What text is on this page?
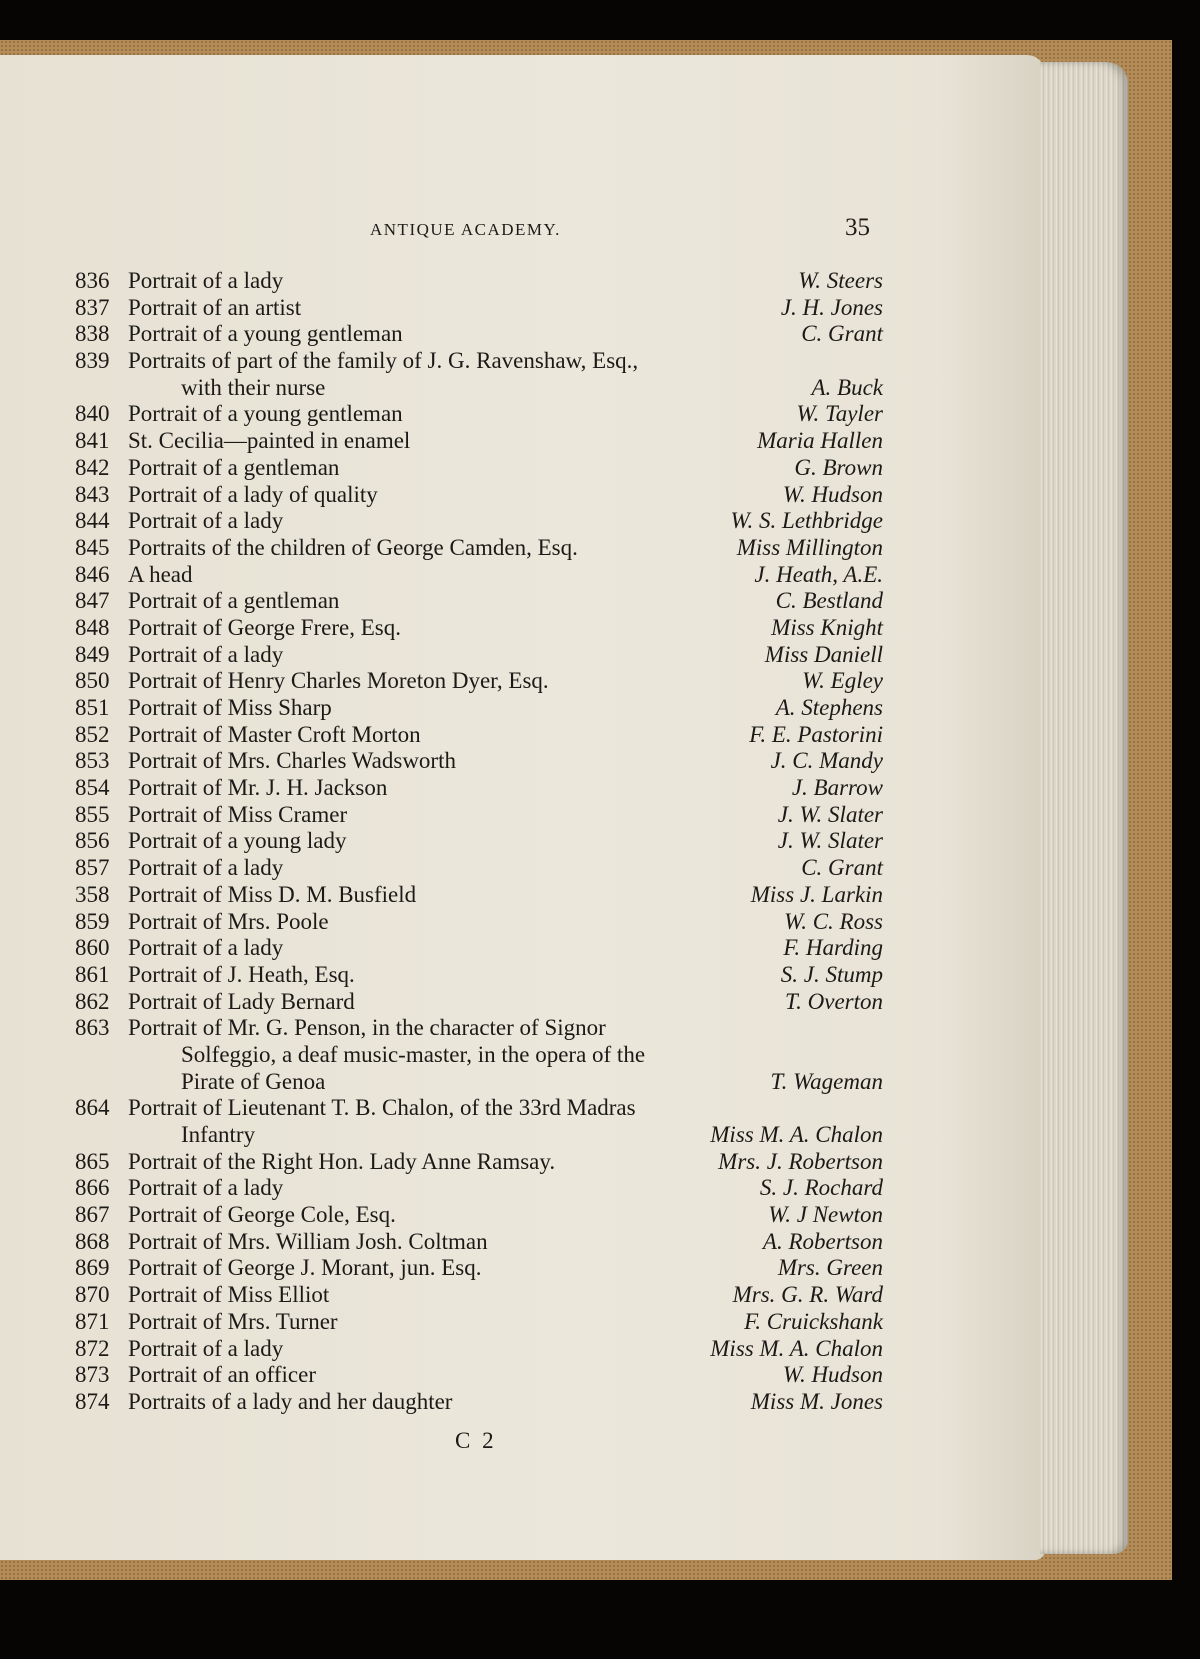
ANTIQUE ACADEMY.	35
836 Portrait of a lady	W. Steers
837 Portrait of an artist	J. H. Jones
838 Portrait of a young gentleman	C. Grant
839 Portraits of part of the family of J. G. Ravenshaw, Esq.,
with their nurse	A. Buck
840 Portrait of a young gentleman	W. Tayler
841 St. Cecilia—painted in enamel	Maria Hallen
842 Portrait of a gentleman	G. Brown
843 Portrait of a lady of quality	W. Hudson
844 Portrait of a lady	W. S. Lethbridge
845 Portraits of the children of George Camden, Esq.	Miss Millington
846 A head	J. Heath, A.E.
847 Portrait of a gentleman	C. Bestland
848 Portrait of George Frere, Esq.	Miss Knight
849 Portrait of a lady	Miss Daniell
850 Portrait of Henry Charles Moreton Dyer, Esq.	W. Egley
851 Portrait of Miss Sharp	A. Stephens
852 Portrait of Master Croft Morton	F. E. Pastorini
853 Portrait of Mrs. Charles Wadsworth	J. C. Mandy
854 Portrait of Mr. J. H. Jackson	J. Barrow
855 Portrait of Miss Cramer	J. W. Slater
856 Portrait of a young lady	J. W. Slater
857 Portrait of a lady	C. Grant
358 Portrait of Miss D. M. Busfield	Miss J. Larkin
859 Portrait of Mrs. Poole	W. C. Ross
860 Portrait of a lady	F. Harding
861 Portrait of J. Heath, Esq.	S. J. Stump
862 Portrait of Lady Bernard	T. Overton
863 Portrait of Mr. G. Penson, in the character of Signor
Solfeggio, a deaf music-master, in the opera of the
Pirate of Genoa	T. Wageman
864 Portrait of Lieutenant T. B. Chalon, of the 33rd Madras
Infantry	Miss M. A. Chalon
865 Portrait of the Right Hon. Lady Anne Ramsay.	Mrs. J. Robertson
866 Portrait of a lady	S. J. Rochard
867 Portrait of George Cole, Esq.	W. J Newton
868 Portrait of Mrs. William Josh. Coltman	A. Robertson
869 Portrait of George J. Morant, jun. Esq.	Mrs. Green
870 Portrait of Miss Elliot	Mrs. G. R. Ward
871 Portrait of Mrs. Turner	F. Cruickshank
872 Portrait of a lady	Miss M. A. Chalon
873 Portrait of an officer	W. Hudson
874 Portraits of a lady and her daughter	Miss M. Jones
C 2
